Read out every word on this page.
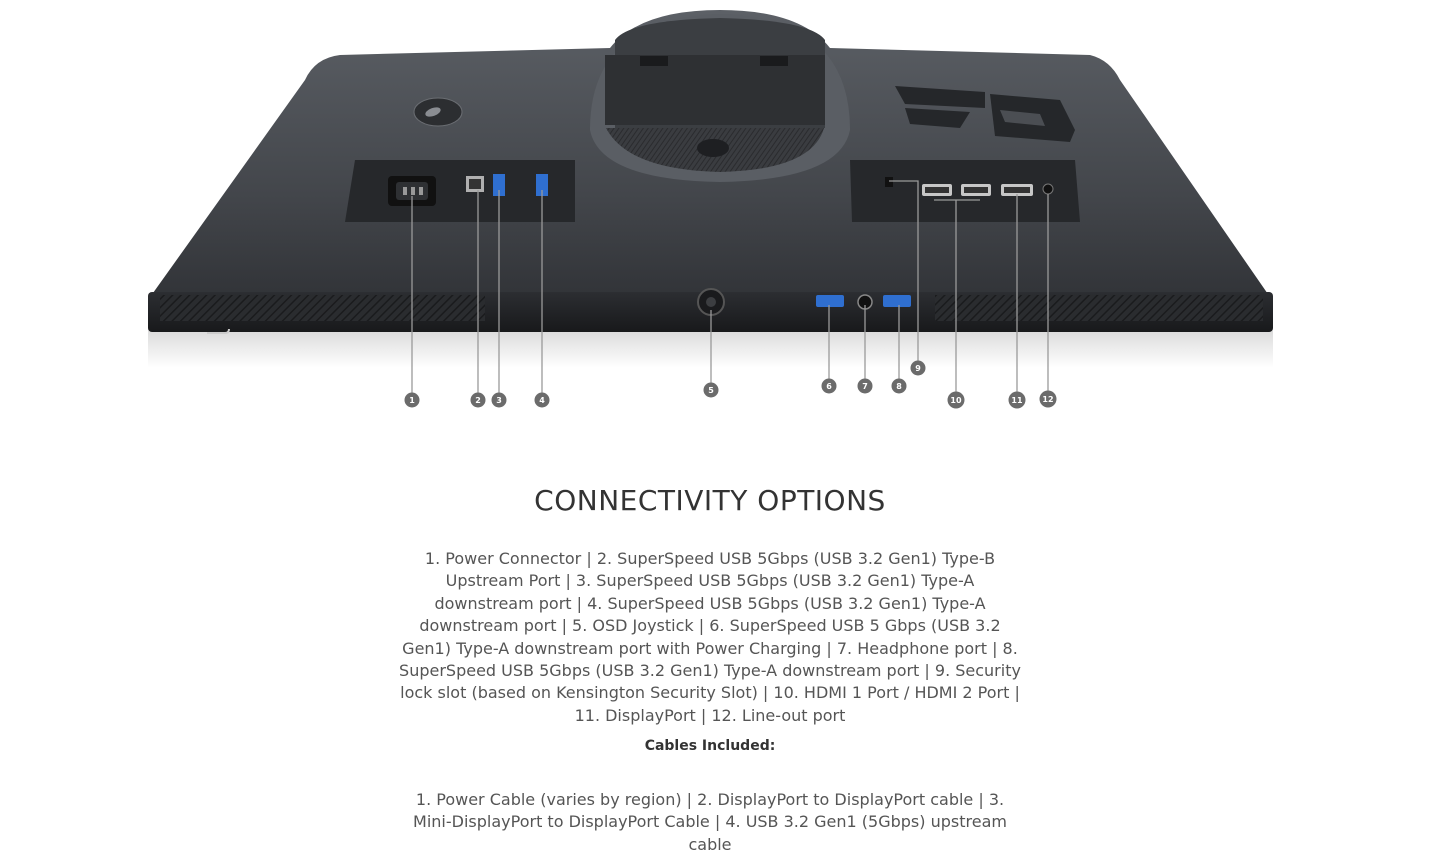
1	2 3	4
5	6	7	8
9
10	11 12
CONNECTIVITY OPTIONS

1. Power Connector | 2. SuperSpeed USB 5Gbps (USB 3.2 Gen1) Type-B Upstream Port | 3. SuperSpeed USB 5Gbps (USB 3.2 Gen1) Type-A downstream port | 4. SuperSpeed USB 5Gbps (USB 3.2 Gen1) Type-A downstream port | 5. OSD Joystick | 6. SuperSpeed USB 5 Gbps (USB 3.2 Gen1) Type-A downstream port with Power Charging | 7. Headphone port | 8. SuperSpeed USB 5Gbps (USB 3.2 Gen1) Type-A downstream port | 9. Security lock slot (based on Kensington Security Slot) | 10. HDMI 1 Port / HDMI 2 Port | 11. DisplayPort | 12. Line-out port

Cables Included:

1. Power Cable (varies by region) | 2. DisplayPort to DisplayPort cable | 3. Mini-DisplayPort to DisplayPort Cable | 4. USB 3.2 Gen1 (5Gbps) upstream cable
